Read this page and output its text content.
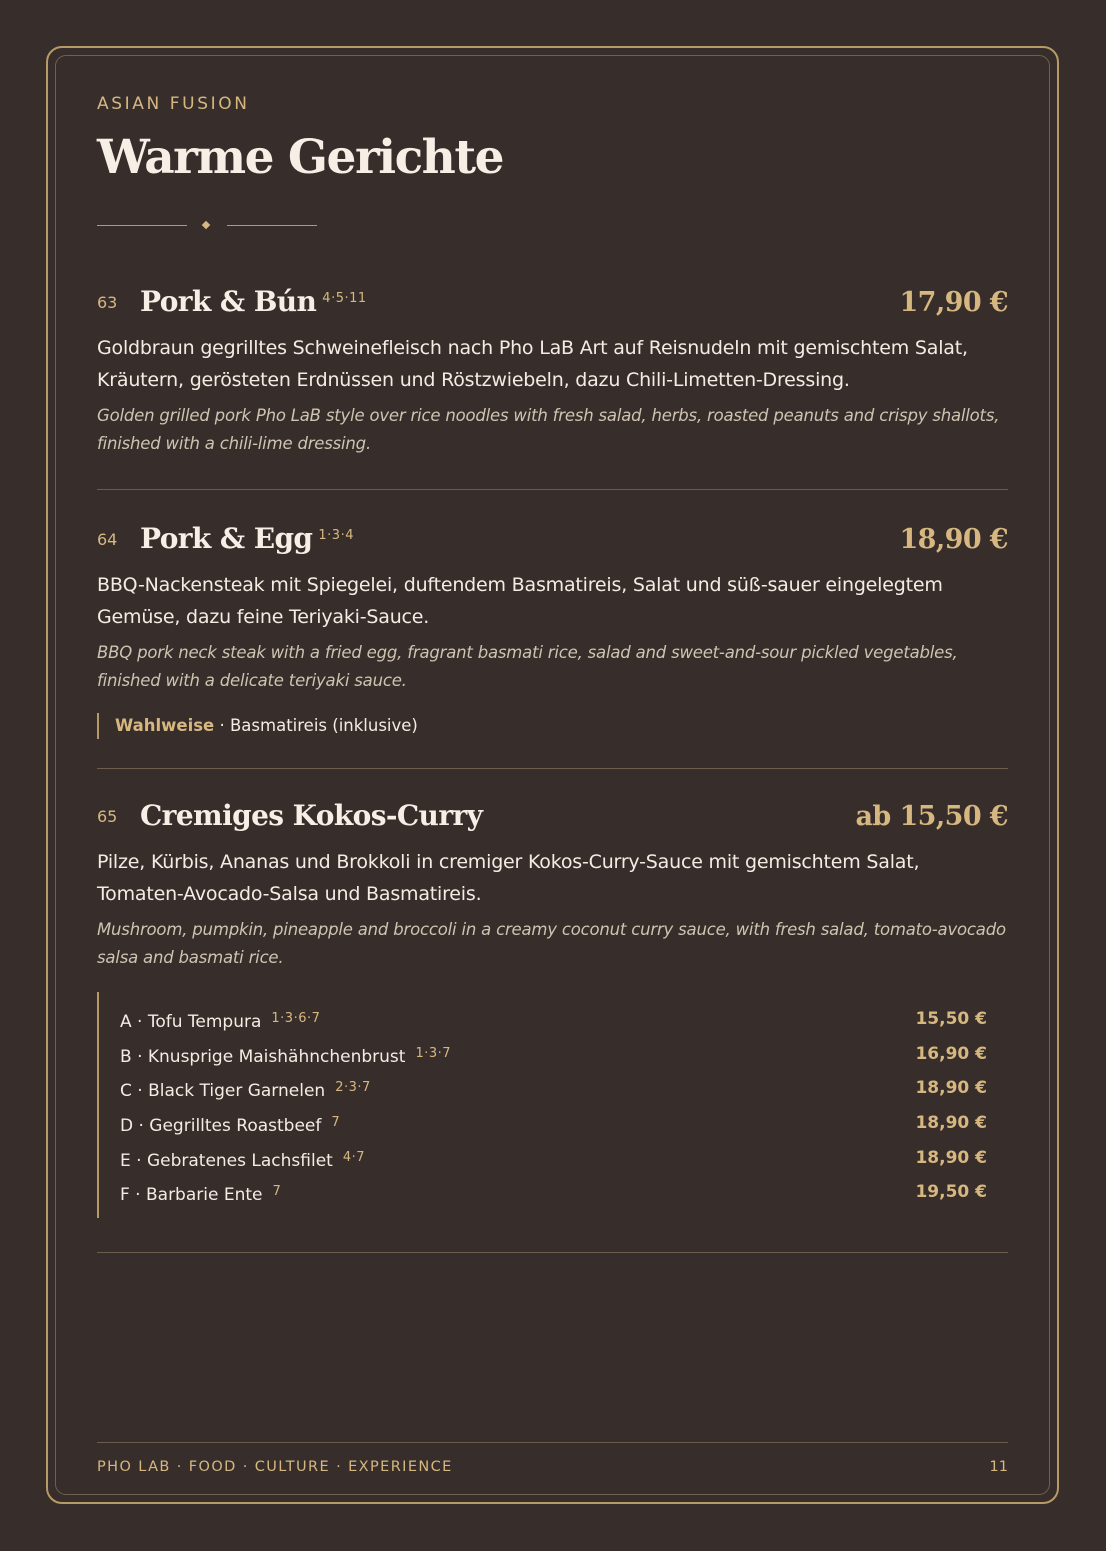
ASIAN FUSION
Warme Gerichte
63 Pork & Bún $^{4\cdot 5\cdot 11}$	17,90 €
Goldbraun gegrilltes Schweinefleisch nach Pho LaB Art auf Reisnudeln mit gemischtem Salat, Kräutern, gerösteten Erdnüssen und Röstzwiebeln, dazu Chili-Limetten-Dressing.
Golden grilled pork Pho LaB style over rice noodles with fresh salad, herbs, roasted peanuts and crispy shallots, finished with a chili-lime dressing.
64 Pork & Egg $^{1\cdot 3\cdot 4}$	18,90 €
BBQ-Nackensteak mit Spiegelei, duftendem Basmatireis, Salat und süß-sauer eingelegtem Gemüse, dazu feine Teriyaki-Sauce.
BBQ pork neck steak with a fried egg, fragrant basmati rice, salad and sweet-and-sour pickled vegetables, finished with a delicate teriyaki sauce.
Wahlweise · Basmatireis (inklusive)
65 Cremiges Kokos-Curry	ab 15,50 €
Pilze, Kürbis, Ananas und Brokkoli in cremiger Kokos-Curry-Sauce mit gemischtem Salat, Tomaten-Avocado-Salsa und Basmatireis.
Mushroom, pumpkin, pineapple and broccoli in a creamy coconut curry sauce, with fresh salad, tomato-avocado salsa and basmati rice.
A · Tofu Tempura $^{1\cdot 3\cdot 6\cdot 7}$	15,50 €
B · Knusprige Maishähnchenbrust $^{1\cdot 3\cdot 7}$	16,90 €
C · Black Tiger Garnelen $^{2\cdot 3\cdot 7}$	18,90 €
D · Gegrilltes Roastbeef $^7$	18,90 €
E · Gebratenes Lachsfilet $^{4\cdot 7}$	18,90 €
F · Barbarie Ente $^7$	19,50 €
PHO LAB · FOOD · CULTURE · EXPERIENCE	11
